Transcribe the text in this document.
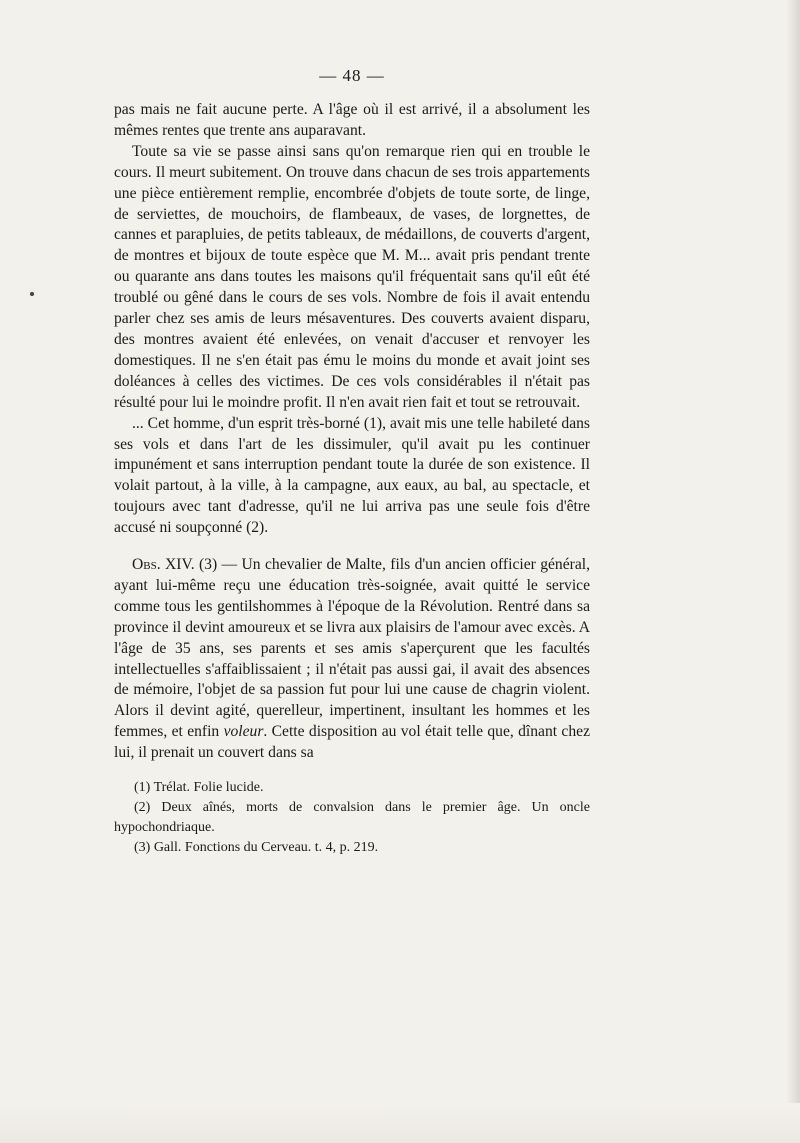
— 48 —

pas mais ne fait aucune perte. A l'âge où il est arrivé, il a absolument les mêmes rentes que trente ans auparavant.

Toute sa vie se passe ainsi sans qu'on remarque rien qui en trouble le cours. Il meurt subitement. On trouve dans chacun de ses trois appartements une pièce entièrement remplie, encombrée d'objets de toute sorte, de linge, de serviettes, de mouchoirs, de flambeaux, de vases, de lorgnettes, de cannes et parapluies, de petits tableaux, de médaillons, de couverts d'argent, de montres et bijoux de toute espèce que M. M... avait pris pendant trente ou quarante ans dans toutes les maisons qu'il fréquentait sans qu'il eût été troublé ou gêné dans le cours de ses vols. Nombre de fois il avait entendu parler chez ses amis de leurs mésaventures. Des couverts avaient disparu, des montres avaient été enlevées, on venait d'accuser et renvoyer les domestiques. Il ne s'en était pas ému le moins du monde et avait joint ses doléances à celles des victimes. De ces vols considérables il n'était pas résulté pour lui le moindre profit. Il n'en avait rien fait et tout se retrouvait.

... Cet homme, d'un esprit très-borné (1), avait mis une telle habileté dans ses vols et dans l'art de les dissimuler, qu'il avait pu les continuer impunément et sans interruption pendant toute la durée de son existence. Il volait partout, à la ville, à la campagne, aux eaux, au bal, au spectacle, et toujours avec tant d'adresse, qu'il ne lui arriva pas une seule fois d'être accusé ni soupçonné (2).

Obs. XIV. (3) — Un chevalier de Malte, fils d'un ancien officier général, ayant lui-même reçu une éducation très-soignée, avait quitté le service comme tous les gentilshommes à l'époque de la Révolution. Rentré dans sa province il devint amoureux et se livra aux plaisirs de l'amour avec excès. A l'âge de 35 ans, ses parents et ses amis s'aperçurent que les facultés intellectuelles s'affaiblissaient ; il n'était pas aussi gai, il avait des absences de mémoire, l'objet de sa passion fut pour lui une cause de chagrin violent. Alors il devint agité, querelleur, impertinent, insultant les hommes et les femmes, et enfin voleur. Cette disposition au vol était telle que, dînant chez lui, il prenait un couvert dans sa

(1) Trélat. Folie lucide.

(2) Deux aînés, morts de convalsion dans le premier âge. Un oncle hypochondriaque.

(3) Gall. Fonctions du Cerveau. t. 4, p. 219.
